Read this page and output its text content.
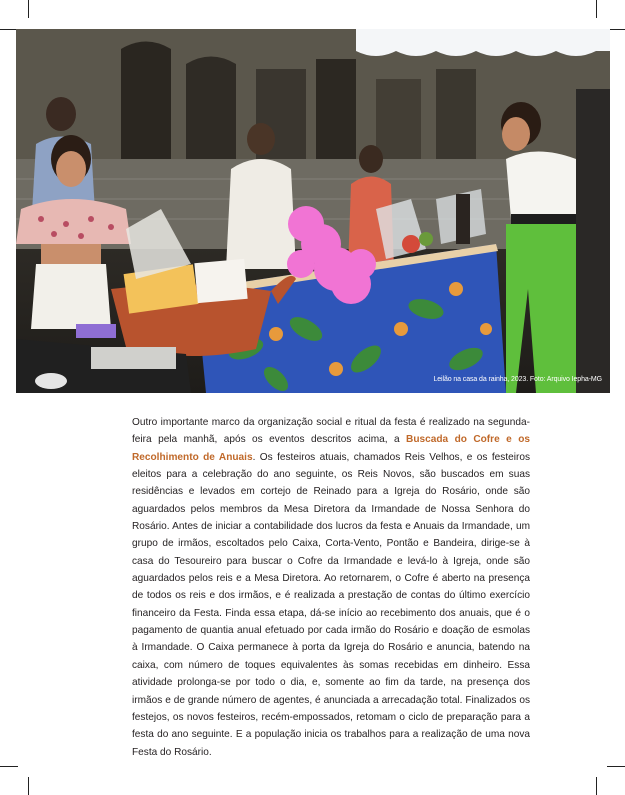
Leilão na casa da rainha, 2023. Foto: Arquivo Iepha-MG
Outro importante marco da organização social e ritual da festa é realizado na segunda-feira pela manhã, após os eventos descritos acima, a Buscada do Cofre e os Recolhimento de Anuais. Os festeiros atuais, chamados Reis Velhos, e os festeiros eleitos para a celebração do ano seguinte, os Reis Novos, são buscados em suas residências e levados em cortejo de Reinado para a Igreja do Rosário, onde são aguardados pelos membros da Mesa Diretora da Irmandade de Nossa Senhora do Rosário. Antes de iniciar a contabilidade dos lucros da festa e Anuais da Irmandade, um grupo de irmãos, escoltados pelo Caixa, Corta-Vento, Pontão e Bandeira, dirige-se à casa do Tesoureiro para buscar o Cofre da Irmandade e levá-lo à Igreja, onde são aguardados pelos reis e a Mesa Diretora. Ao retornarem, o Cofre é aberto na presença de todos os reis e dos irmãos, e é realizada a prestação de contas do último exercício financeiro da Festa. Finda essa etapa, dá-se início ao recebimento dos anuais, que é o pagamento de quantia anual efetuado por cada irmão do Rosário e doação de esmolas à Irmandade. O Caixa permanece à porta da Igreja do Rosário e anuncia, batendo na caixa, com número de toques equivalentes às somas recebidas em dinheiro. Essa atividade prolonga-se por todo o dia, e, somente ao fim da tarde, na presença dos irmãos e de grande número de agentes, é anunciada a arrecadação total. Finalizados os festejos, os novos festeiros, recém-empossados, retomam o ciclo de preparação para a festa do ano seguinte. E a população inicia os trabalhos para a realização de uma nova Festa do Rosário.
